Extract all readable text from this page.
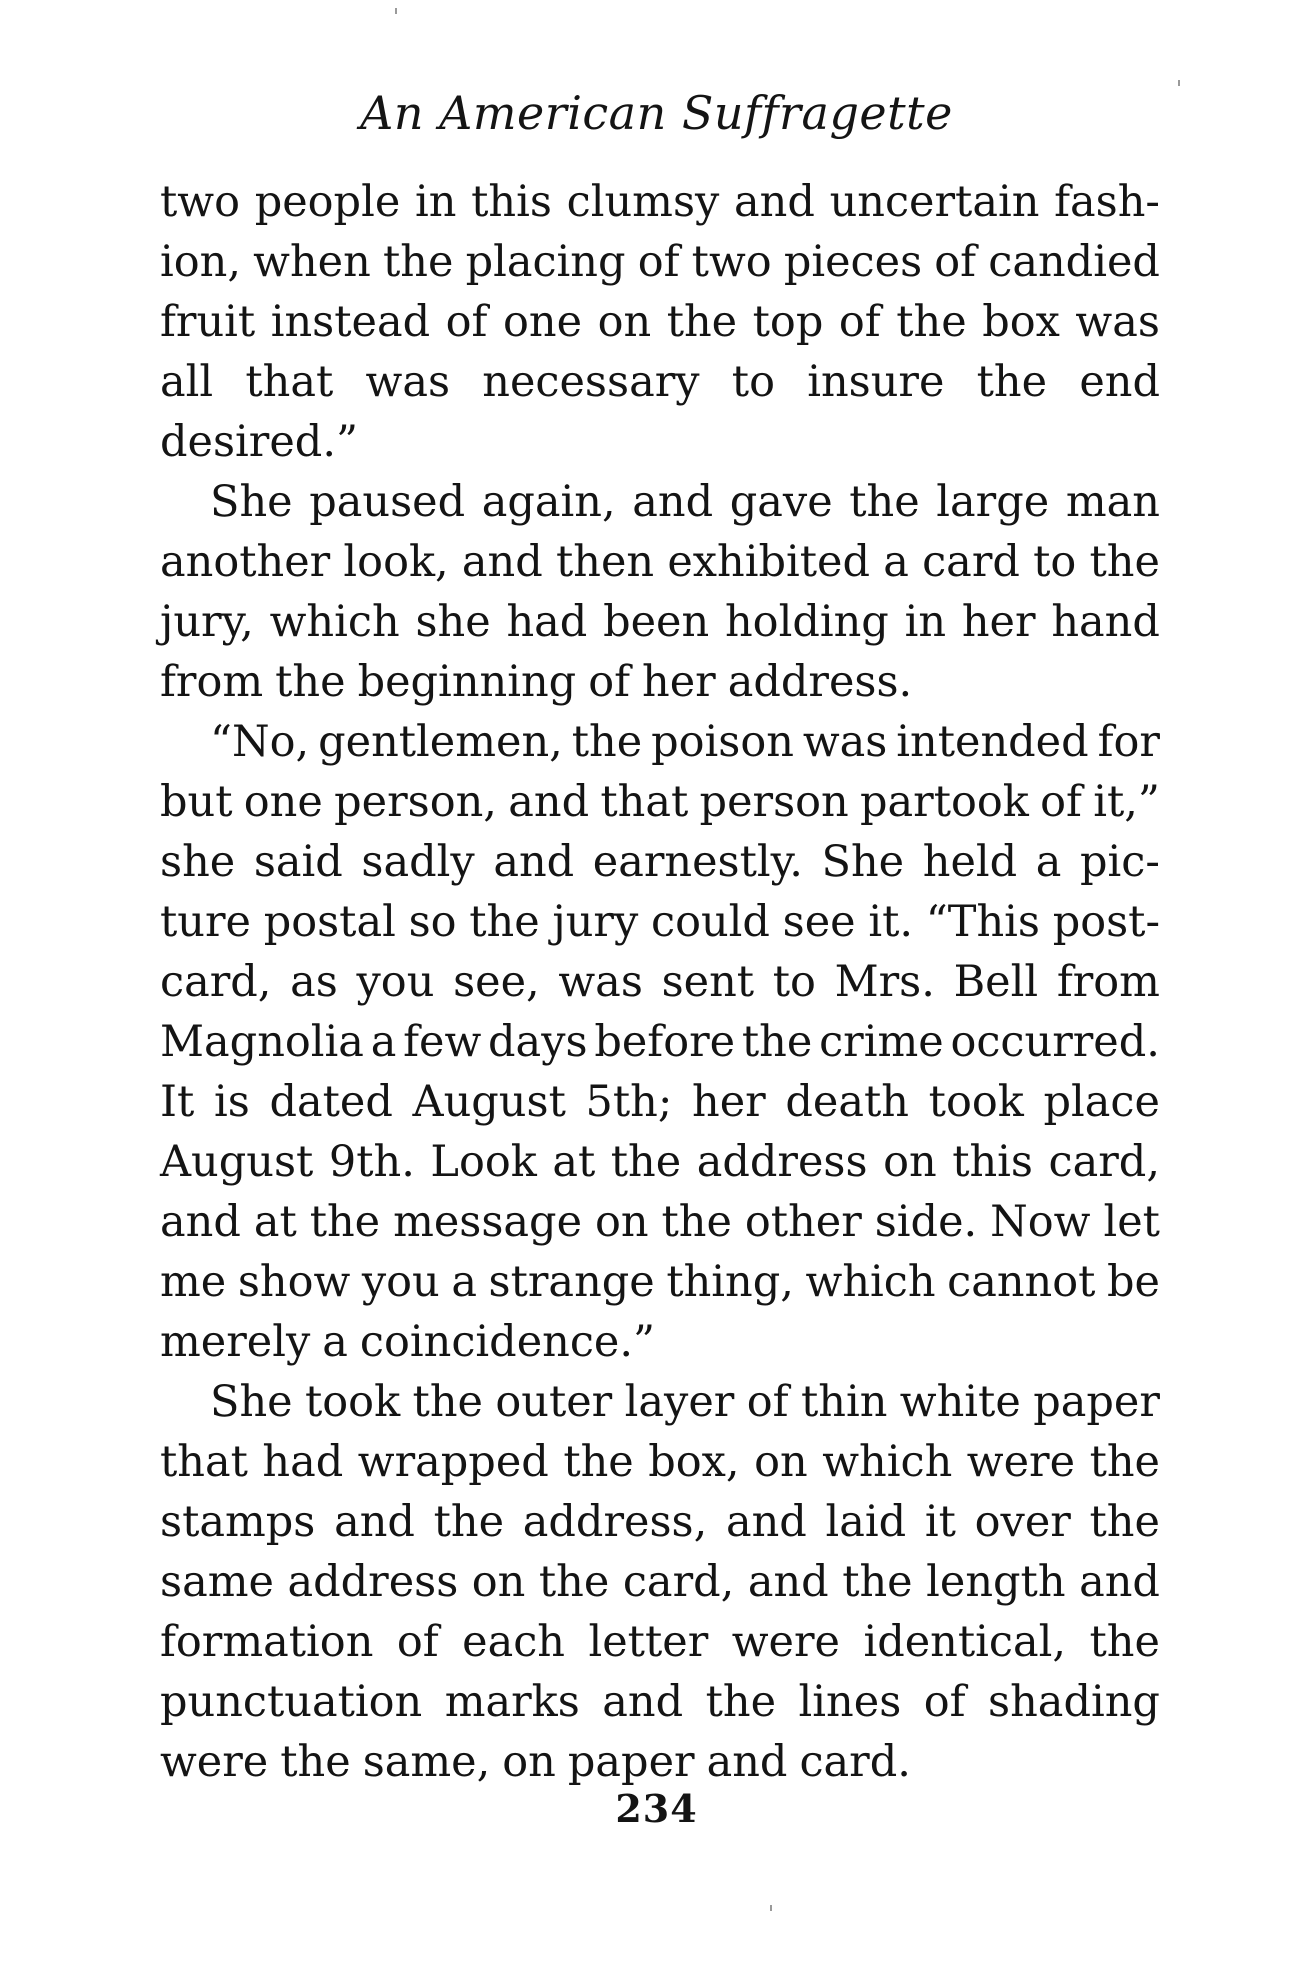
An American Suffragette
two people in this clumsy and uncertain fash-
ion, when the placing of two pieces of candied
fruit instead of one on the top of the box was
all that was necessary to insure the end
desired.”
She paused again, and gave the large man
another look, and then exhibited a card to the
jury, which she had been holding in her hand
from the beginning of her address.
“No, gentlemen, the poison was intended for
but one person, and that person partook of it,”
she said sadly and earnestly. She held a pic-
ture postal so the jury could see it. “This post-
card, as you see, was sent to Mrs. Bell from
Magnolia a few days before the crime occurred.
It is dated August 5th; her death took place
August 9th. Look at the address on this card,
and at the message on the other side. Now let
me show you a strange thing, which cannot be
merely a coincidence.”
She took the outer layer of thin white paper
that had wrapped the box, on which were the
stamps and the address, and laid it over the
same address on the card, and the length and
formation of each letter were identical, the
punctuation marks and the lines of shading
were the same, on paper and card.
234
